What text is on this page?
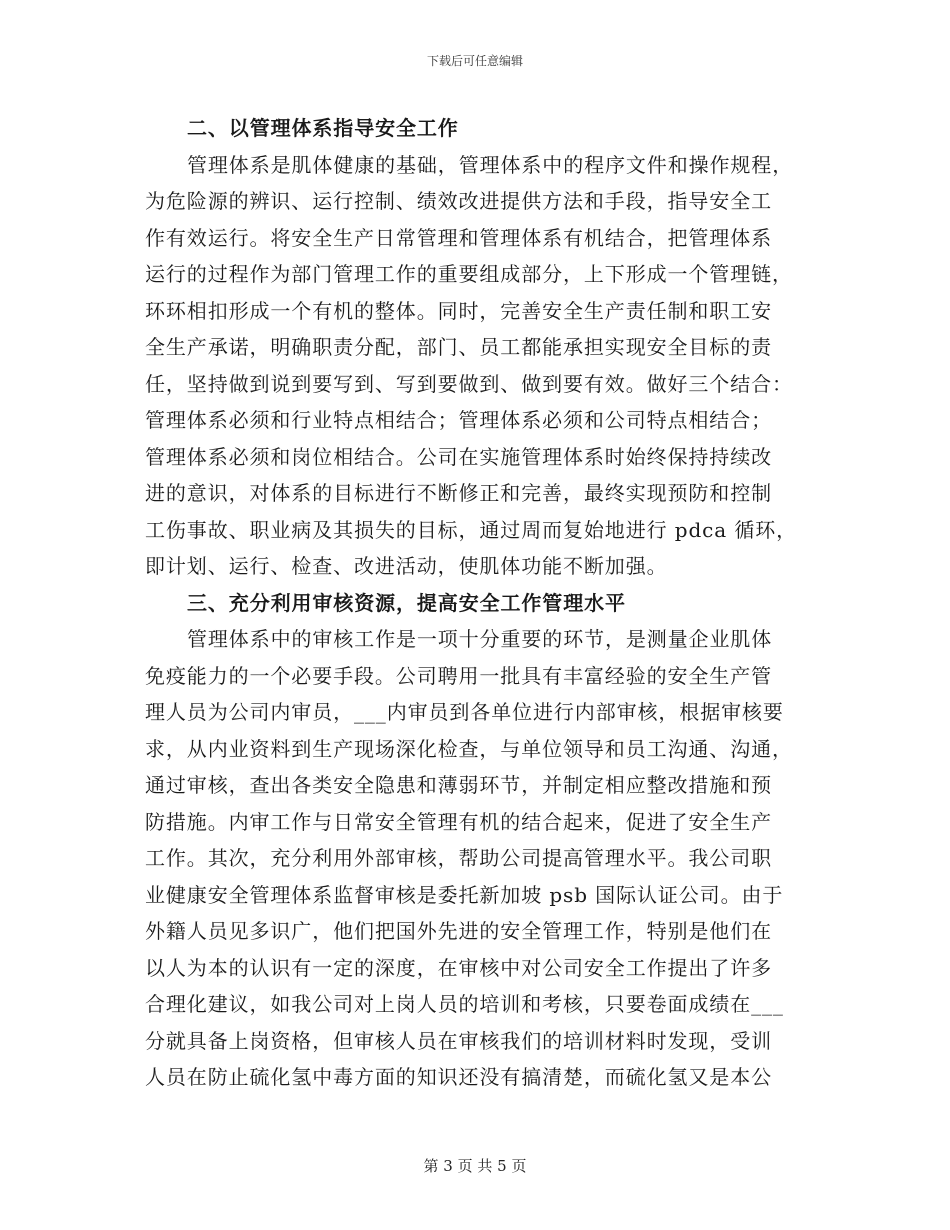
下载后可任意编辑
二、以管理体系指导安全工作
管理体系是肌体健康的基础，管理体系中的程序文件和操作规程，
为危险源的辨识、运行控制、绩效改进提供方法和手段，指导安全工
作有效运行。将安全生产日常管理和管理体系有机结合，把管理体系
运行的过程作为部门管理工作的重要组成部分，上下形成一个管理链，
环环相扣形成一个有机的整体。同时，完善安全生产责任制和职工安
全生产承诺，明确职责分配，部门、员工都能承担实现安全目标的责
任，坚持做到说到要写到、写到要做到、做到要有效。做好三个结合：
管理体系必须和行业特点相结合；管理体系必须和公司特点相结合；
管理体系必须和岗位相结合。公司在实施管理体系时始终保持持续改
进的意识，对体系的目标进行不断修正和完善，最终实现预防和控制
工伤事故、职业病及其损失的目标，通过周而复始地进行 pdca 循环，
即计划、运行、检查、改进活动，使肌体功能不断加强。
三、充分利用审核资源，提高安全工作管理水平
管理体系中的审核工作是一项十分重要的环节，是测量企业肌体
免疫能力的一个必要手段。公司聘用一批具有丰富经验的安全生产管
理人员为公司内审员，___内审员到各单位进行内部审核，根据审核要
求，从内业资料到生产现场深化检查，与单位领导和员工沟通、沟通，
通过审核，查出各类安全隐患和薄弱环节，并制定相应整改措施和预
防措施。内审工作与日常安全管理有机的结合起来，促进了安全生产
工作。其次，充分利用外部审核，帮助公司提高管理水平。我公司职
业健康安全管理体系监督审核是委托新加坡 psb 国际认证公司。由于
外籍人员见多识广，他们把国外先进的安全管理工作，特别是他们在
以人为本的认识有一定的深度，在审核中对公司安全工作提出了许多
合理化建议，如我公司对上岗人员的培训和考核，只要卷面成绩在___
分就具备上岗资格，但审核人员在审核我们的培训材料时发现，受训
人员在防止硫化氢中毒方面的知识还没有搞清楚，而硫化氢又是本公
第 3 页 共 5 页
